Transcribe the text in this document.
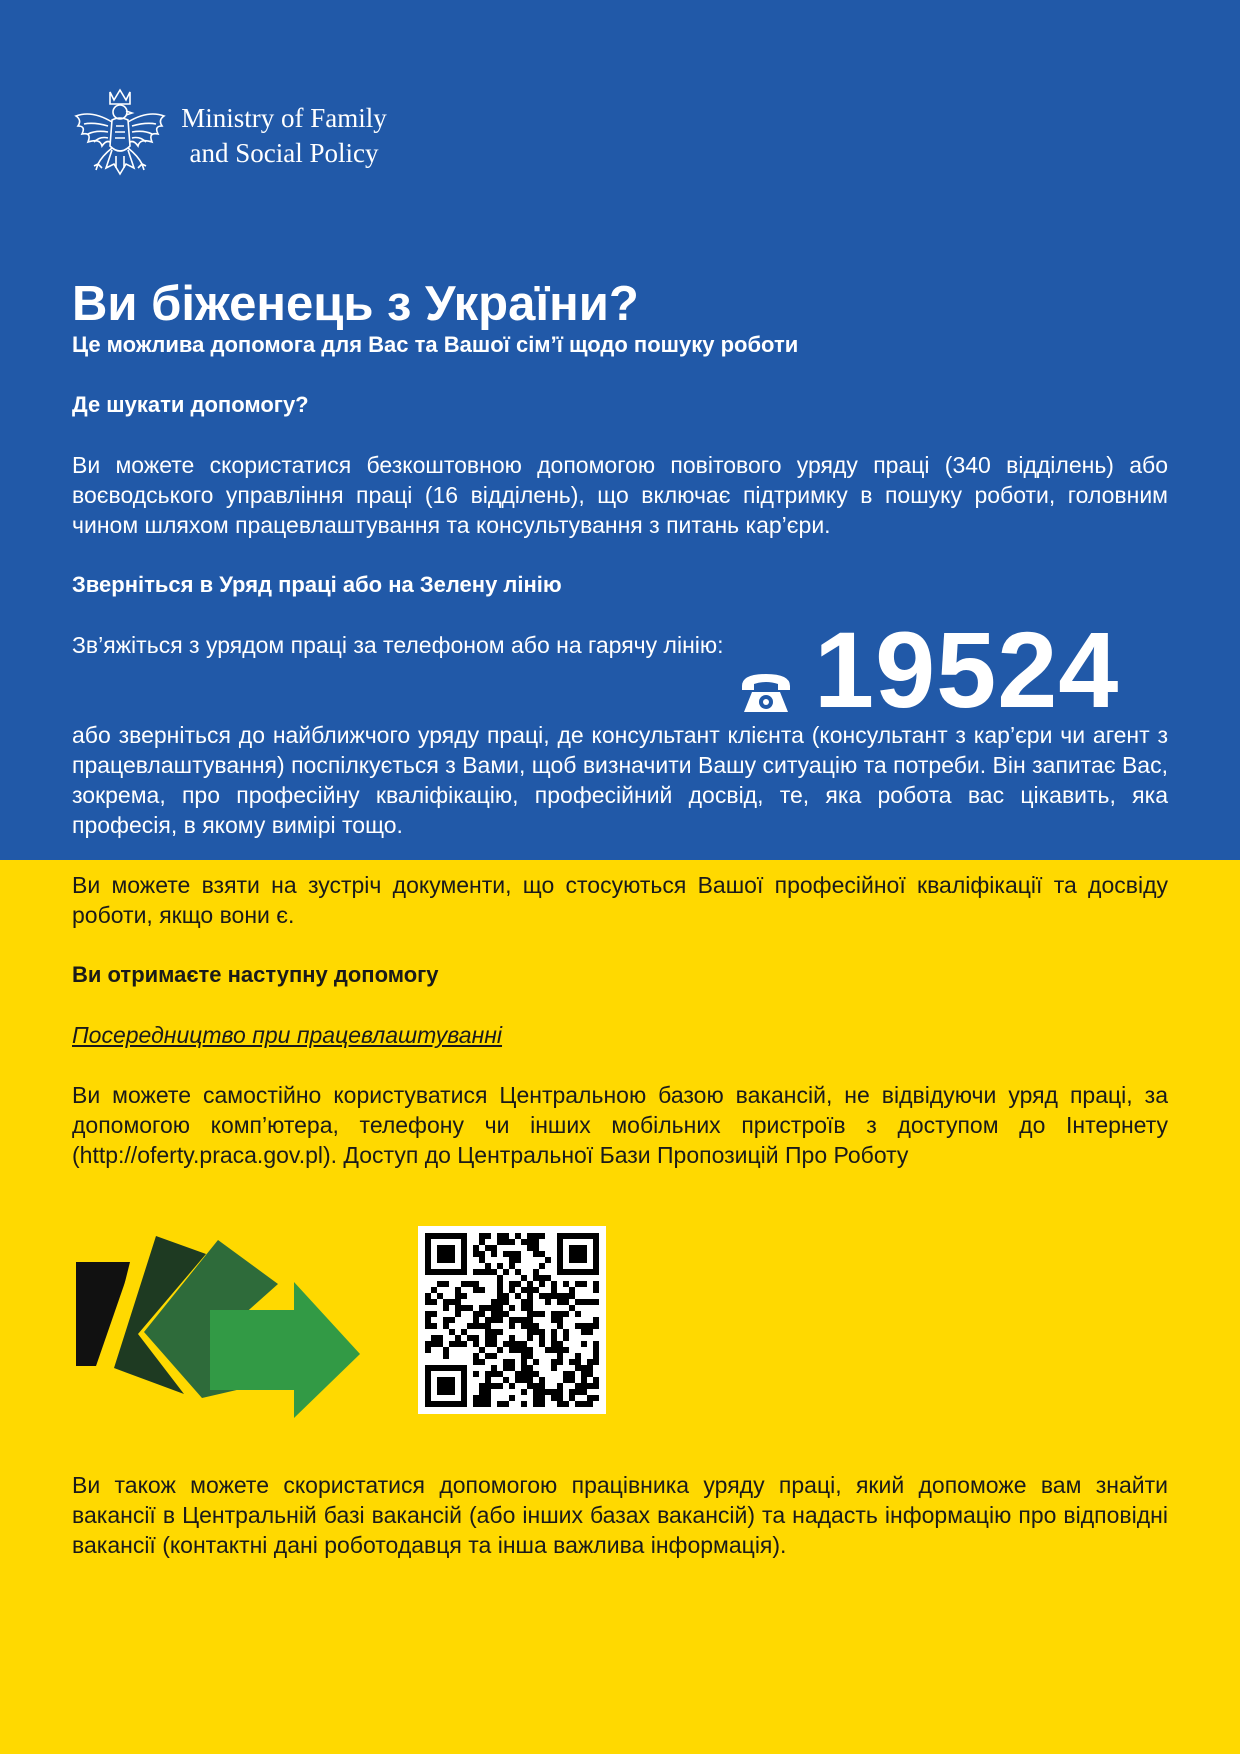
Ministry of Family
and Social Policy
Ви біженець з України?
Це можлива допомога для Вас та Вашої сім’ї щодо пошуку роботи
Де шукати допомогу?
Ви можете скористатися безкоштовною допомогою повітового уряду праці (340 відділень) або воєводського управління праці (16 відділень), що включає підтримку в пошуку роботи, головним чином шляхом працевлаштування та консультування з питань кар’єри.
Зверніться в Уряд праці або на Зелену лінію
Зв’яжіться з урядом праці за телефоном або на гарячу лінію: 19524
або зверніться до найближчого уряду праці, де консультант клієнта (консультант з кар’єри чи агент з працевлаштування) поспілкується з Вами, щоб визначити Вашу ситуацію та потреби. Він запитає Вас, зокрема, про професійну кваліфікацію, професійний досвід, те, яка робота вас цікавить, яка професія, в якому вимірі тощо.
Ви можете взяти на зустріч документи, що стосуються Вашої професійної кваліфікації та досвіду роботи, якщо вони є.
Ви отримаєте наступну допомогу
Посередництво при працевлаштуванні
Ви можете самостійно користуватися Центральною базою вакансій, не відвідуючи уряд праці, за допомогою комп’ютера, телефону чи інших мобільних пристроїв з доступом до Інтернету (http://oferty.praca.gov.pl). Доступ до Центральної Бази Пропозицій Про Роботу
Ви також можете скористатися допомогою працівника уряду праці, який допоможе вам знайти вакансії в Центральній базі вакансій (або інших базах вакансій) та надасть інформацію про відповідні вакансії (контактні дані роботодавця та інша важлива інформація).
